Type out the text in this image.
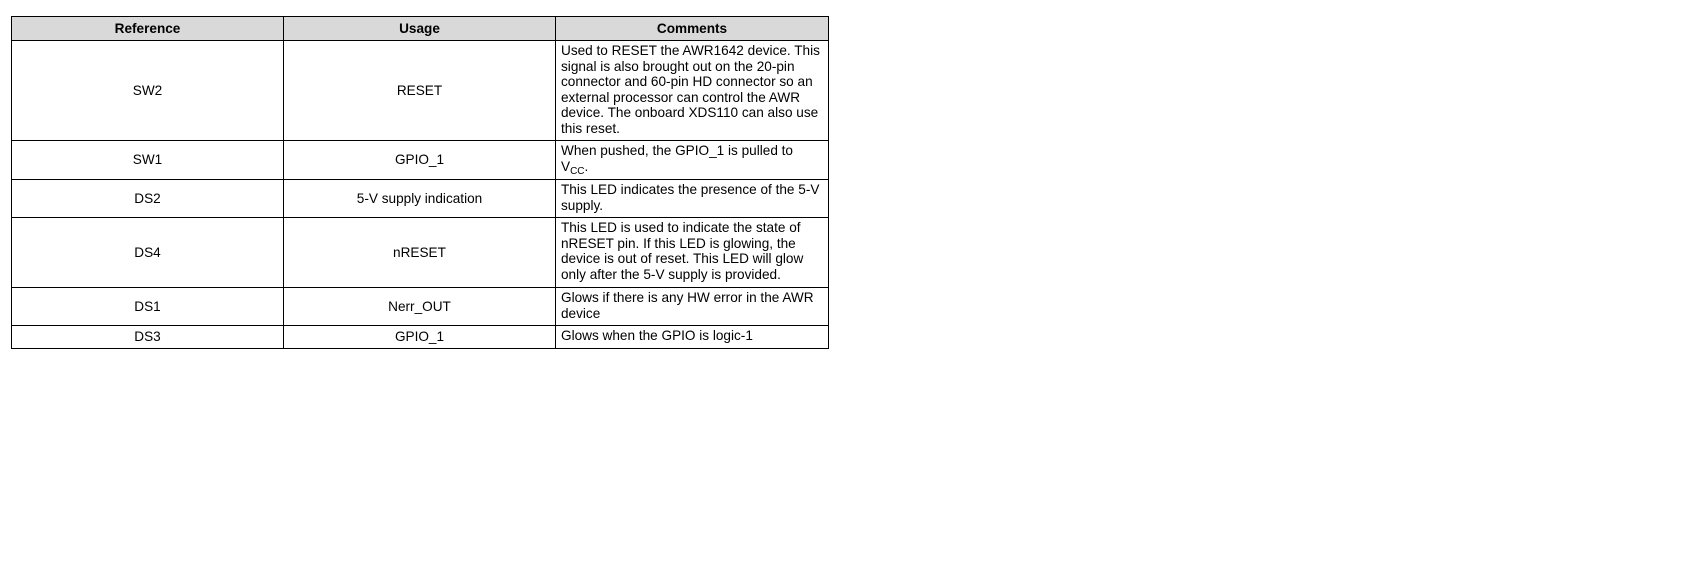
Reference	Usage	Comments
SW2	RESET	Used to RESET the AWR1642 device. This signal is also brought out on the 20-pin connector and 60-pin HD connector so an external processor can control the AWR device. The onboard XDS110 can also use this reset.
SW1	GPIO_1	When pushed, the GPIO_1 is pulled to $V_{CC}$.
DS2	5-V supply indication	This LED indicates the presence of the 5-V supply.
DS4	nRESET	This LED is used to indicate the state of nRESET pin. If this LED is glowing, the device is out of reset. This LED will glow only after the 5-V supply is provided.
DS1	Nerr_OUT	Glows if there is any HW error in the AWR device
DS3	GPIO_1	Glows when the GPIO is logic-1
